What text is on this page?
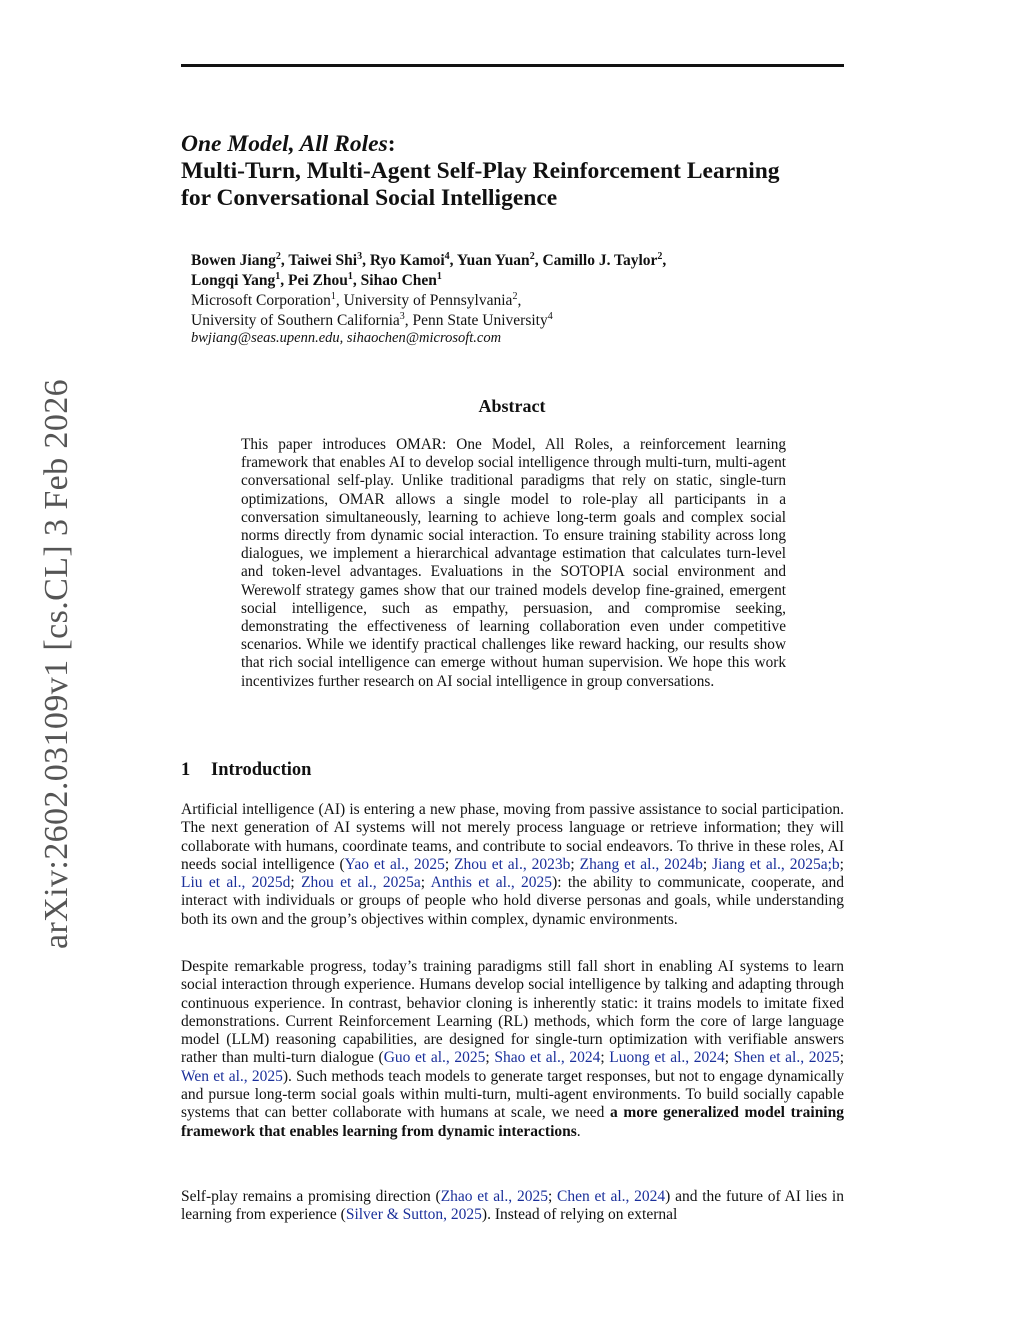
arXiv:2602.03109v1 [cs.CL] 3 Feb 2026
One Model, All Roles:
Multi-Turn, Multi-Agent Self-Play Reinforcement Learning
for Conversational Social Intelligence
Bowen Jiang$^2$, Taiwei Shi$^3$, Ryo Kamoi$^4$, Yuan Yuan$^2$, Camillo J. Taylor$^2$,
Longqi Yang$^1$, Pei Zhou$^1$, Sihao Chen$^1$
Microsoft Corporation$^1$, University of Pennsylvania$^2$,
University of Southern California$^3$, Penn State University$^4$
bwjiang@seas.upenn.edu, sihaochen@microsoft.com
Abstract
This paper introduces OMAR: One Model, All Roles, a reinforcement learning framework that enables AI to develop social intelligence through multi-turn, multi-agent conversational self-play. Unlike traditional paradigms that rely on static, single-turn optimizations, OMAR allows a single model to role-play all participants in a conversation simultaneously, learning to achieve long-term goals and complex social norms directly from dynamic social interaction. To ensure training stability across long dialogues, we implement a hierarchical advantage estimation that calculates turn-level and token-level advantages. Evaluations in the SOTOPIA social environment and Werewolf strategy games show that our trained models develop fine-grained, emergent social intelligence, such as empathy, persuasion, and compromise seeking, demonstrating the effectiveness of learning collaboration even under competitive scenarios. While we identify practical challenges like reward hacking, our results show that rich social intelligence can emerge without human supervision. We hope this work incentivizes further research on AI social intelligence in group conversations.
1 Introduction

Artificial intelligence (AI) is entering a new phase, moving from passive assistance to social participation. The next generation of AI systems will not merely process language or retrieve information; they will collaborate with humans, coordinate teams, and contribute to social endeavors. To thrive in these roles, AI needs social intelligence (Yao et al., 2025; Zhou et al., 2023b; Zhang et al., 2024b; Jiang et al., 2025a;b; Liu et al., 2025d; Zhou et al., 2025a; Anthis et al., 2025): the ability to communicate, cooperate, and interact with individuals or groups of people who hold diverse personas and goals, while understanding both its own and the group’s objectives within complex, dynamic environments.

Despite remarkable progress, today’s training paradigms still fall short in enabling AI systems to learn social interaction through experience. Humans develop social intelligence by talking and adapting through continuous experience. In contrast, behavior cloning is inherently static: it trains models to imitate fixed demonstrations. Current Reinforcement Learning (RL) methods, which form the core of large language model (LLM) reasoning capabilities, are designed for single-turn optimization with verifiable answers rather than multi-turn dialogue (Guo et al., 2025; Shao et al., 2024; Luong et al., 2024; Shen et al., 2025; Wen et al., 2025). Such methods teach models to generate target responses, but not to engage dynamically and pursue long-term social goals within multi-turn, multi-agent environments. To build socially capable systems that can better collaborate with humans at scale, we need a more generalized model training framework that enables learning from dynamic interactions.

Self-play remains a promising direction (Zhao et al., 2025; Chen et al., 2024) and the future of AI lies in learning from experience (Silver & Sutton, 2025). Instead of relying on external
